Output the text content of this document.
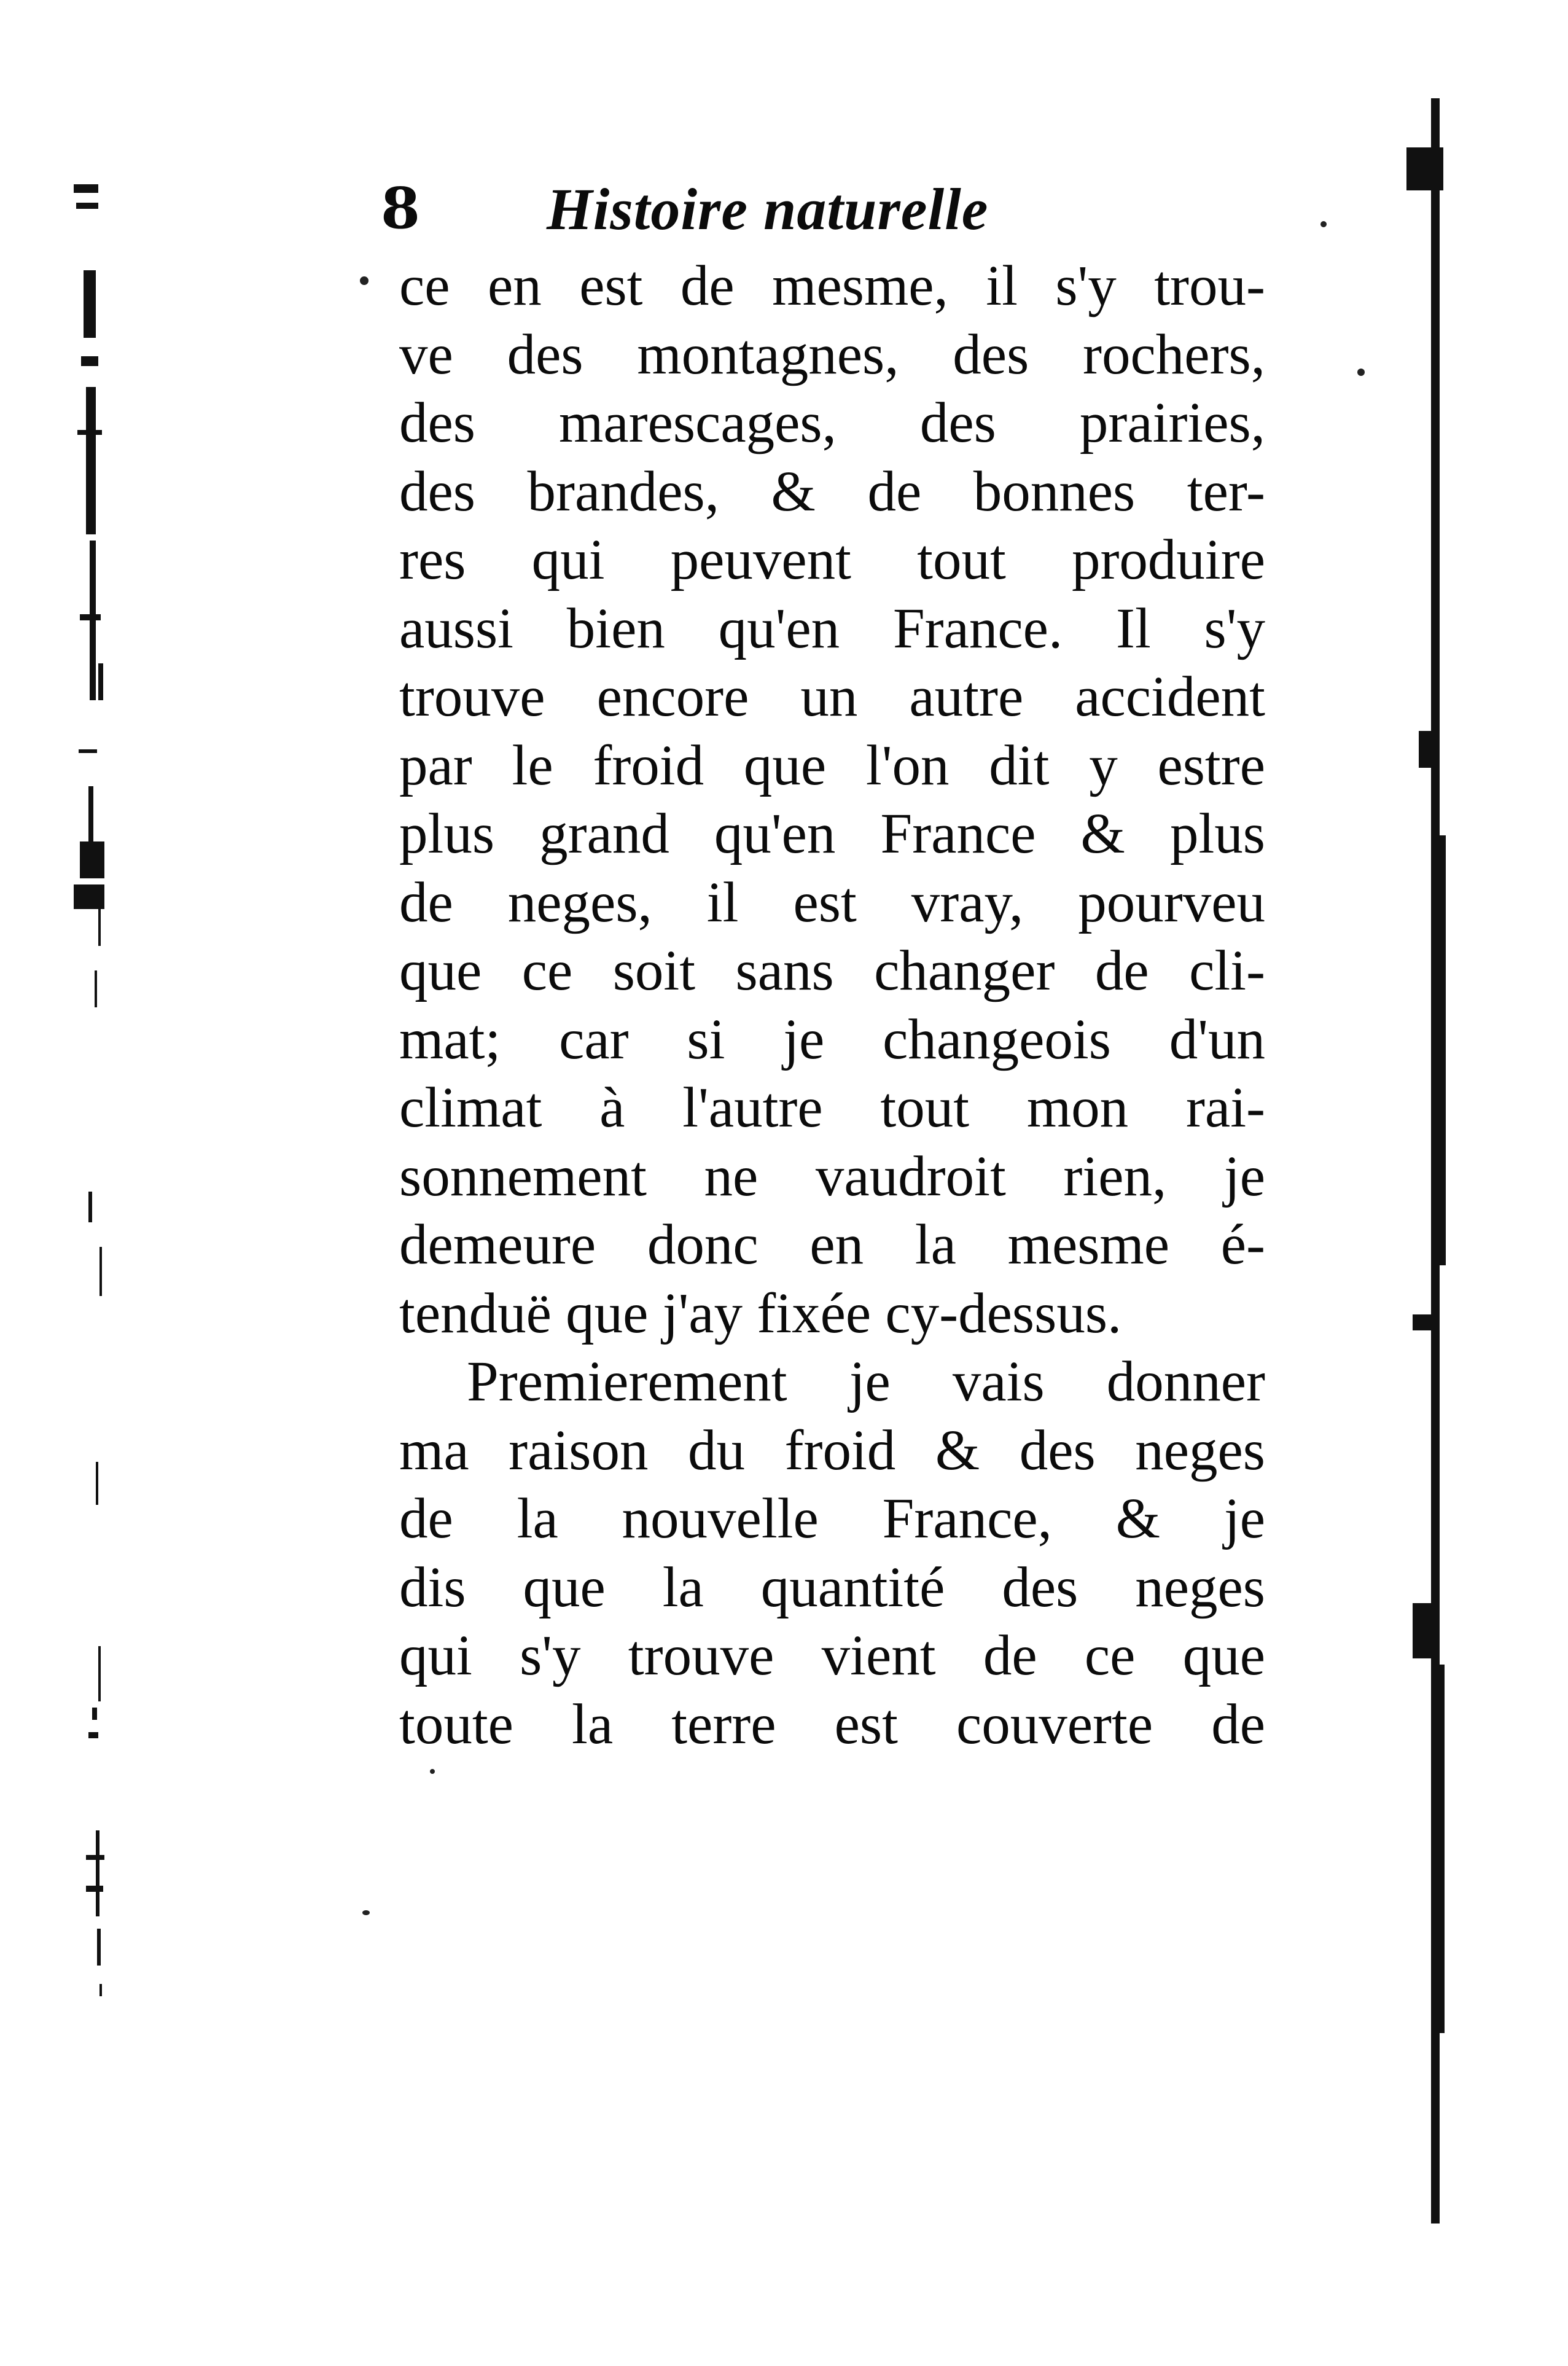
8 Histoire naturelle
ce en est de mesme, il s'y trou-
ve des montagnes, des rochers,
des marescages, des prairies,
des brandes, & de bonnes ter-
res qui peuvent tout produire
aussi bien qu'en France. Il s'y
trouve encore un autre accident
par le froid que l'on dit y estre
plus grand qu'en France & plus
de neges, il est vray, pourveu
que ce soit sans changer de cli-
mat; car si je changeois d'un
climat à l'autre tout mon rai-
sonnement ne vaudroit rien, je
demeure donc en la mesme é-
tenduë que j'ay fixée cy-dessus.
Premierement je vais donner
ma raison du froid & des neges
de la nouvelle France, & je
dis que la quantité des neges
qui s'y trouve vient de ce que
toute la terre est couverte de
